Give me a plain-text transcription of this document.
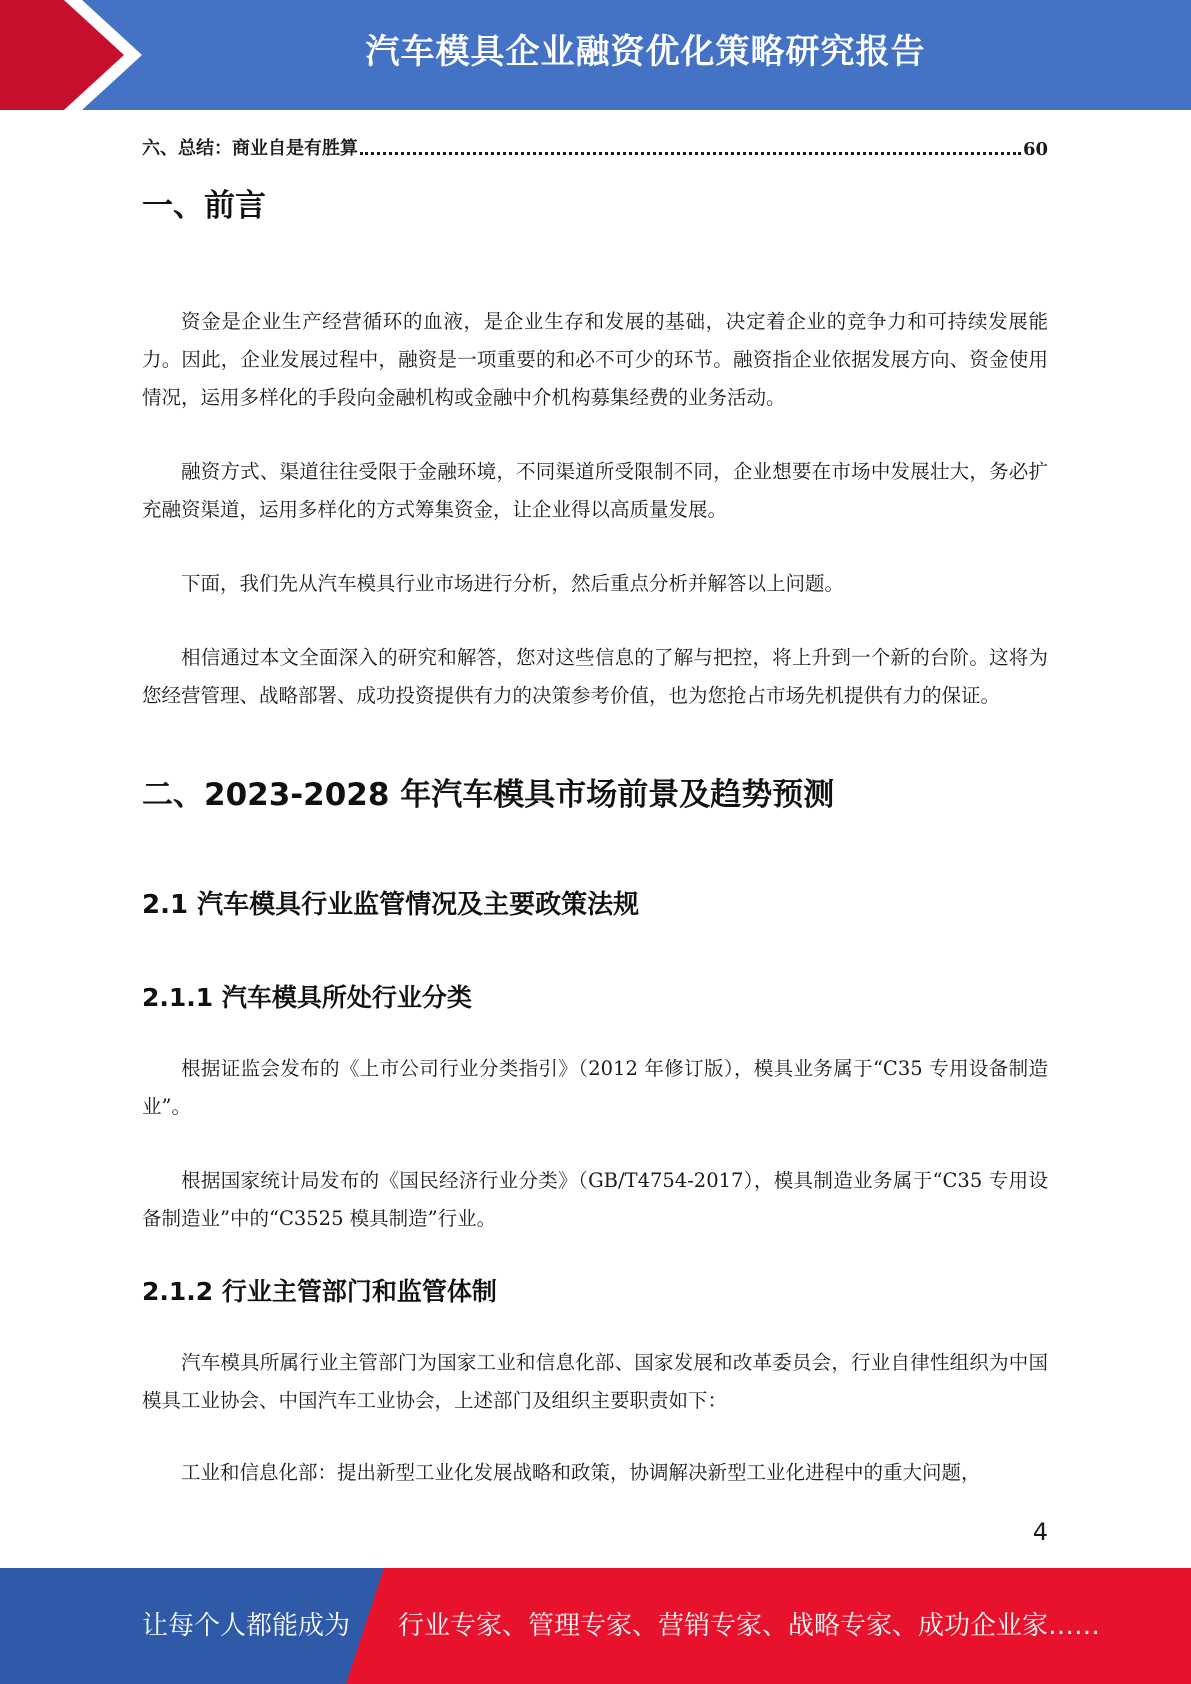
汽车模具企业融资优化策略研究报告
六、总结：商业自是有胜算	60
一、前言

资金是企业生产经营循环的血液，是企业生存和发展的基础，决定着企业的竞争力和可持续发展能力。因此，企业发展过程中，融资是一项重要的和必不可少的环节。融资指企业依据发展方向、资金使用情况，运用多样化的手段向金融机构或金融中介机构募集经费的业务活动。

融资方式、渠道往往受限于金融环境，不同渠道所受限制不同，企业想要在市场中发展壮大，务必扩充融资渠道，运用多样化的方式筹集资金，让企业得以高质量发展。

下面，我们先从汽车模具行业市场进行分析，然后重点分析并解答以上问题。

相信通过本文全面深入的研究和解答，您对这些信息的了解与把控，将上升到一个新的台阶。这将为您经营管理、战略部署、成功投资提供有力的决策参考价值，也为您抢占市场先机提供有力的保证。

二、2023-2028 年汽车模具市场前景及趋势预测
2.1 汽车模具行业监管情况及主要政策法规
2.1.1 汽车模具所处行业分类

根据证监会发布的《上市公司行业分类指引》（2012 年修订版），模具业务属于“C35 专用设备制造业”。

根据国家统计局发布的《国民经济行业分类》（GB/T4754-2017），模具制造业务属于“C35 专用设备制造业”中的“C3525 模具制造”行业。

2.1.2 行业主管部门和监管体制

汽车模具所属行业主管部门为国家工业和信息化部、国家发展和改革委员会，行业自律性组织为中国模具工业协会、中国汽车工业协会，上述部门及组织主要职责如下：

工业和信息化部：提出新型工业化发展战略和政策，协调解决新型工业化进程中的重大问题，

4
让每个人都能成为 行业专家、管理专家、营销专家、战略专家、成功企业家……
